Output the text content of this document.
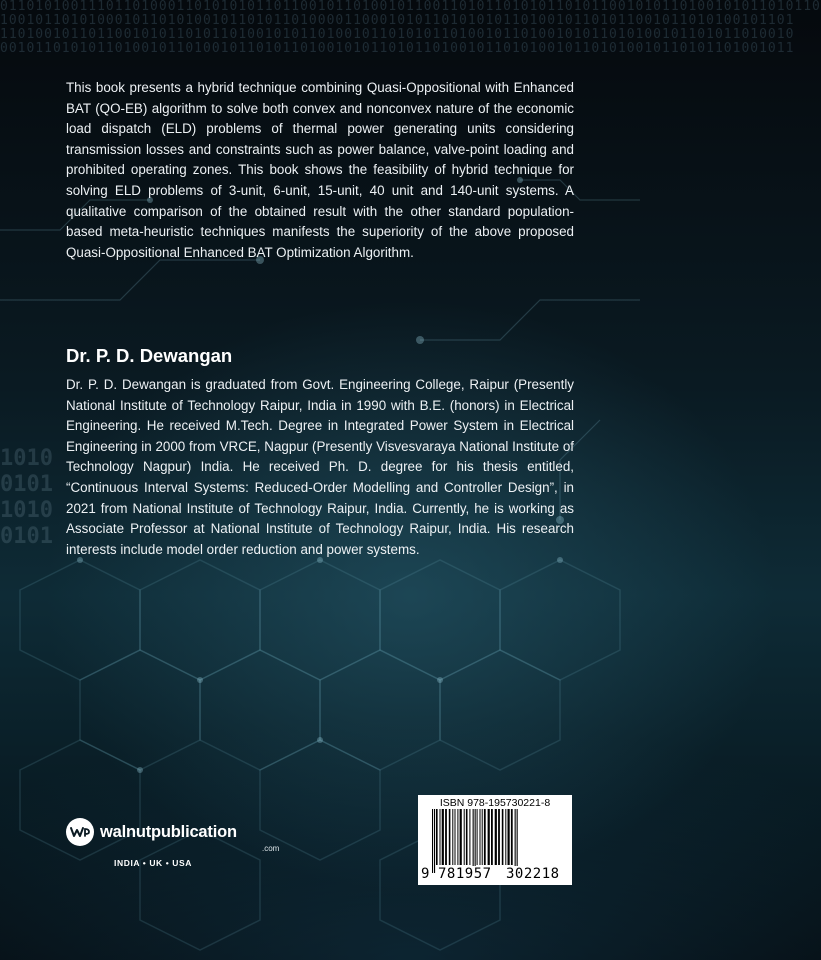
011010100111011010001101010101101100101101001011001101011010101101011001010110100101011010110
100101101010001011010100101101011010000110001010110101010110100101101011001011010100101101
110100101101100101011010110100101011010010110101011010010110100101011010100101101011010010
001011010101101001011010010110101101001010110101101001011010100101101010010110101101001011
1010
0101
1010
0101

This book presents a hybrid technique combining Quasi-Oppositional with Enhanced BAT (QO-EB) algorithm to solve both convex and nonconvex nature of the economic load dispatch (ELD) problems of thermal power generating units considering transmission losses and constraints such as power balance, valve-point loading and prohibited operating zones. This book shows the feasibility of hybrid technique for solving ELD problems of 3-unit, 6-unit, 15-unit, 40 unit and 140-unit systems. A qualitative comparison of the obtained result with the other standard population-based meta-heuristic techniques manifests the superiority of the above proposed Quasi-Oppositional Enhanced BAT Optimization Algorithm.

Dr. P. D. Dewangan

Dr. P. D. Dewangan is graduated from Govt. Engineering College, Raipur (Presently National Institute of Technology Raipur, India in 1990 with B.E. (honors) in Electrical Engineering. He received M.Tech. Degree in Integrated Power System in Electrical Engineering in 2000 from VRCE, Nagpur (Presently Visvesvaraya National Institute of Technology Nagpur) India. He received Ph. D. degree for his thesis entitled, “Continuous Interval Systems: Reduced-Order Modelling and Controller Design”, in 2021 from National Institute of Technology Raipur, India. Currently, he is working as Associate Professor at National Institute of Technology Raipur, India. His research interests include model order reduction and power systems.

walnutpublication
.com
INDIA • UK • USA
ISBN 978-195730221-8
9 781957 302218
